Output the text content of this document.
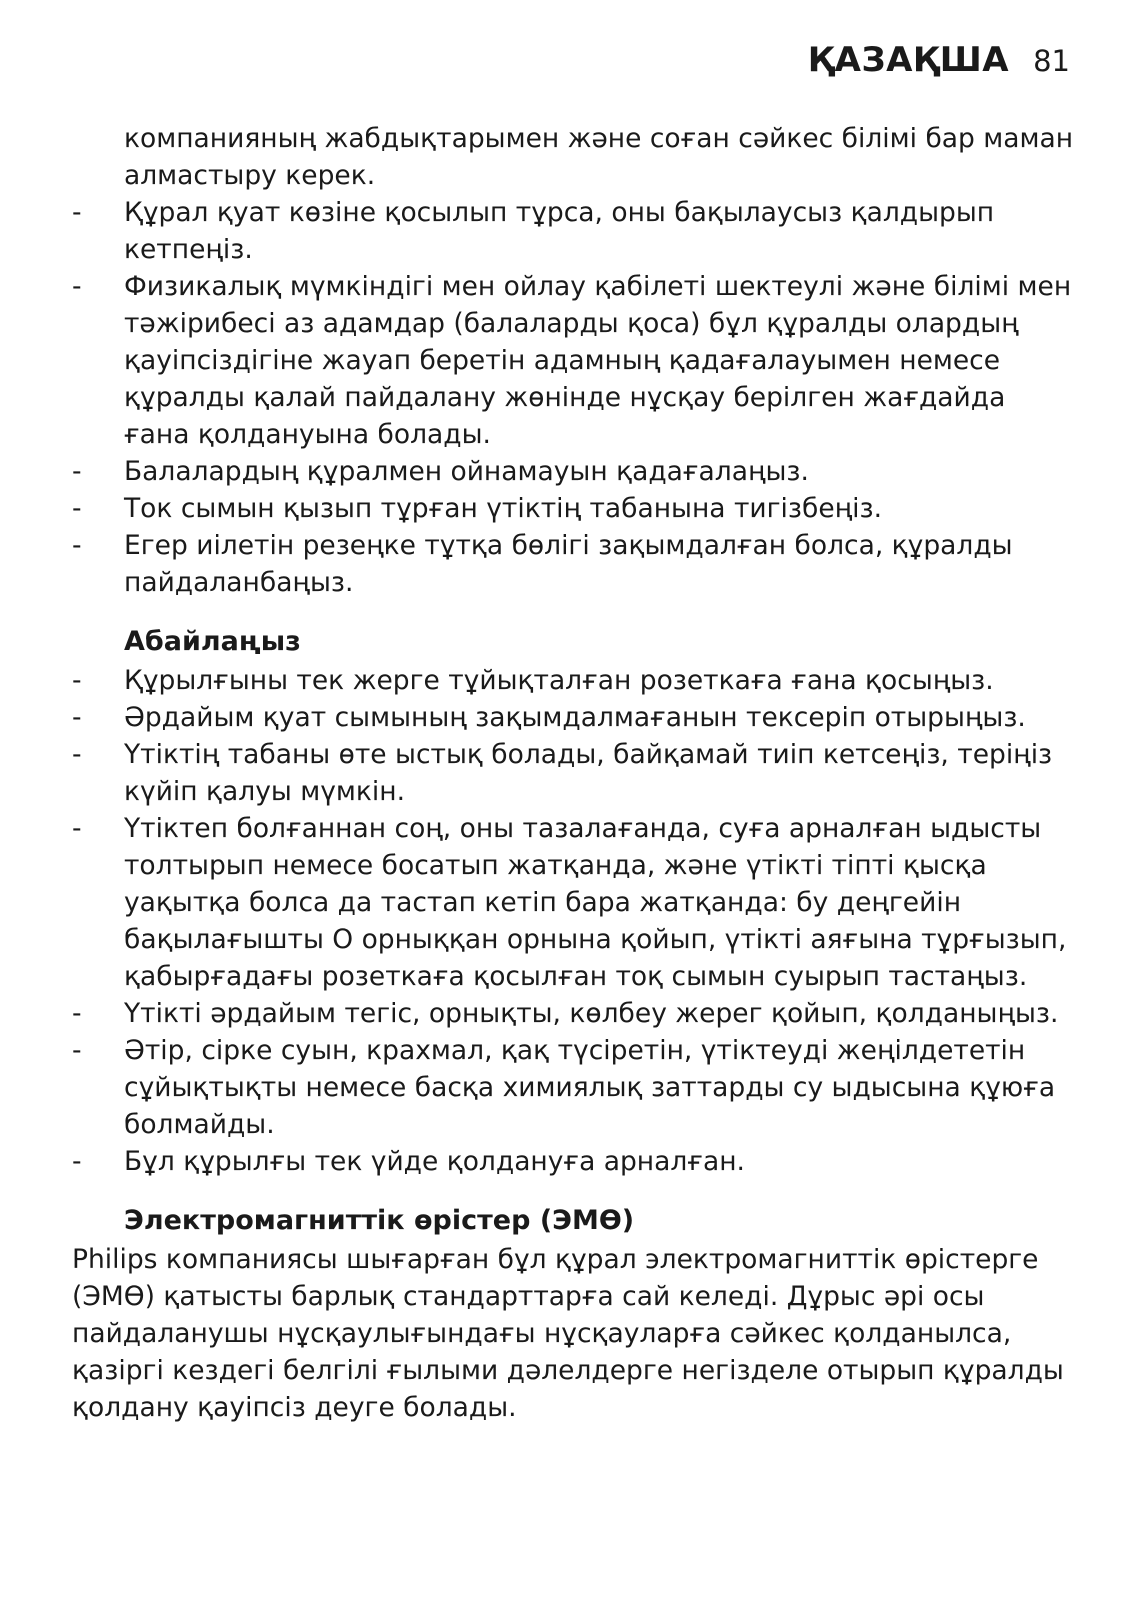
ҚАЗАҚША 81
компанияның жабдықтарымен және соған сәйкес білімі бар маман
алмастыру керек.
-	Құрал қуат көзіне қосылып тұрса, оны бақылаусыз қалдырып кетпеңіз.
-	Физикалық мүмкіндігі мен ойлау қабілеті шектеулі және білімі мен тәжірибесі аз адамдар (балаларды қоса) бұл құралды олардың қауіпсіздігіне жауап беретін адамның қадағалауымен немесе құралды қалай пайдалану жөнінде нұсқау берілген жағдайда ғана қолдануына болады.
-	Балалардың құралмен ойнамауын қадағалаңыз.
-	Ток сымын қызып тұрған үтіктің табанына тигізбеңіз.
-	Егер иілетін резеңке тұтқа бөлігі зақымдалған болса, құралды пайдаланбаңыз.
Абайлаңыз
-	Құрылғыны тек жерге тұйықталған розеткаға ғана қосыңыз.
-	Әрдайым қуат сымының зақымдалмағанын тексеріп отырыңыз.
-	Үтіктің табаны өте ыстық болады, байқамай тиіп кетсеңіз, теріңіз күйіп қалуы мүмкін.
-	Үтіктеп болғаннан соң, оны тазалағанда, суға арналған ыдысты толтырып немесе босатып жатқанда, және үтікті тіпті қысқа уақытқа болса да тастап кетіп бара жатқанда: бу деңгейін бақылағышты O орныққан орнына қойып, үтікті аяғына тұрғызып, қабырғадағы розеткаға қосылған тоқ сымын суырып тастаңыз.
-	Үтікті әрдайым тегіс, орнықты, көлбеу жерег қойып, қолданыңыз.
-	Әтір, сірке суын, крахмал, қақ түсіретін, үтіктеуді жеңілдететін сұйықтықты немесе басқа химиялық заттарды су ыдысына құюға болмайды.
-	Бұл құрылғы тек үйде қолдануға арналған.
Электромагниттік өрістер (ЭМӨ)
Philips компаниясы шығарған бұл құрал электромагниттік өрістерге (ЭМӨ) қатысты барлық стандарттарға сай келеді. Дұрыс әрі осы пайдаланушы нұсқаулығындағы нұсқауларға сәйкес қолданылса, қазіргі кездегі белгілі ғылыми дәлелдерге негізделе отырып құралды қолдану қауіпсіз деуге болады.
